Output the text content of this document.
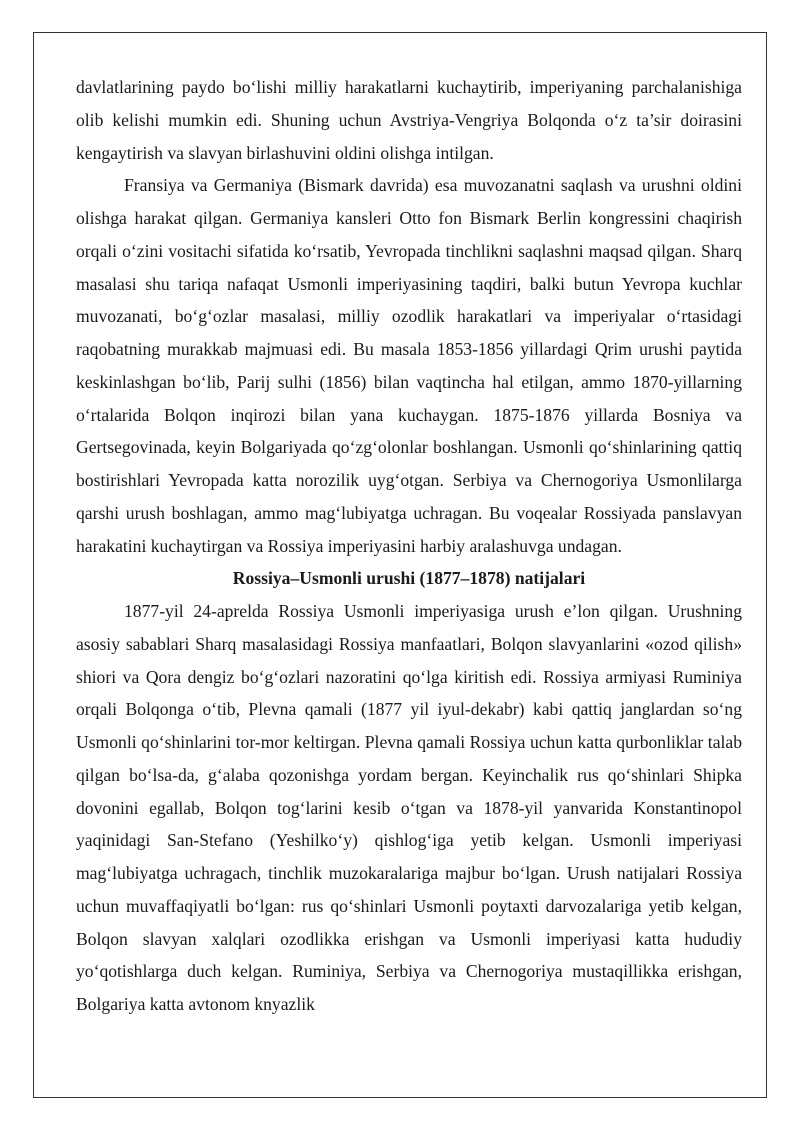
davlatlarining paydo bo‘lishi milliy harakatlarni kuchaytirib, imperiyaning parchalanishiga olib kelishi mumkin edi. Shuning uchun Avstriya-Vengriya Bolqonda o‘z ta’sir doirasini kengaytirish va slavyan birlashuvini oldini olishga intilgan.

Fransiya va Germaniya (Bismark davrida) esa muvozanatni saqlash va urushni oldini olishga harakat qilgan. Germaniya kansleri Otto fon Bismark Berlin kongressini chaqirish orqali o‘zini vositachi sifatida ko‘rsatib, Yevropada tinchlikni saqlashni maqsad qilgan. Sharq masalasi shu tariqa nafaqat Usmonli imperiyasining taqdiri, balki butun Yevropa kuchlar muvozanati, bo‘g‘ozlar masalasi, milliy ozodlik harakatlari va imperiyalar o‘rtasidagi raqobatning murakkab majmuasi edi. Bu masala 1853-1856 yillardagi Qrim urushi paytida keskinlashgan bo‘lib, Parij sulhi (1856) bilan vaqtincha hal etilgan, ammo 1870-yillarning o‘rtalarida Bolqon inqirozi bilan yana kuchaygan. 1875-1876 yillarda Bosniya va Gertsegovinada, keyin Bolgariyada qo‘zg‘olonlar boshlangan. Usmonli qo‘shinlarining qattiq bostirishlari Yevropada katta norozilik uyg‘otgan. Serbiya va Chernogoriya Usmonlilarga qarshi urush boshlagan, ammo mag‘lubiyatga uchragan. Bu voqealar Rossiyada panslavyan harakatini kuchaytirgan va Rossiya imperiyasini harbiy aralashuvga undagan.

Rossiya–Usmonli urushi (1877–1878) natijalari

1877-yil 24-aprelda Rossiya Usmonli imperiyasiga urush e’lon qilgan. Urushning asosiy sabablari Sharq masalasidagi Rossiya manfaatlari, Bolqon slavyanlarini «ozod qilish» shiori va Qora dengiz bo‘g‘ozlari nazoratini qo‘lga kiritish edi. Rossiya armiyasi Ruminiya orqali Bolqonga o‘tib, Plevna qamali (1877 yil iyul-dekabr) kabi qattiq janglardan so‘ng Usmonli qo‘shinlarini tor-mor keltirgan. Plevna qamali Rossiya uchun katta qurbonliklar talab qilgan bo‘lsa-da, g‘alaba qozonishga yordam bergan. Keyinchalik rus qo‘shinlari Shipka dovonini egallab, Bolqon tog‘larini kesib o‘tgan va 1878-yil yanvarida Konstantinopol yaqinidagi San-Stefano (Yeshilko‘y) qishlog‘iga yetib kelgan. Usmonli imperiyasi mag‘lubiyatga uchragach, tinchlik muzokaralariga majbur bo‘lgan. Urush natijalari Rossiya uchun muvaffaqiyatli bo‘lgan: rus qo‘shinlari Usmonli poytaxti darvozalariga yetib kelgan, Bolqon slavyan xalqlari ozodlikka erishgan va Usmonli imperiyasi katta hududiy yo‘qotishlarga duch kelgan. Ruminiya, Serbiya va Chernogoriya mustaqillikka erishgan, Bolgariya katta avtonom knyazlik
